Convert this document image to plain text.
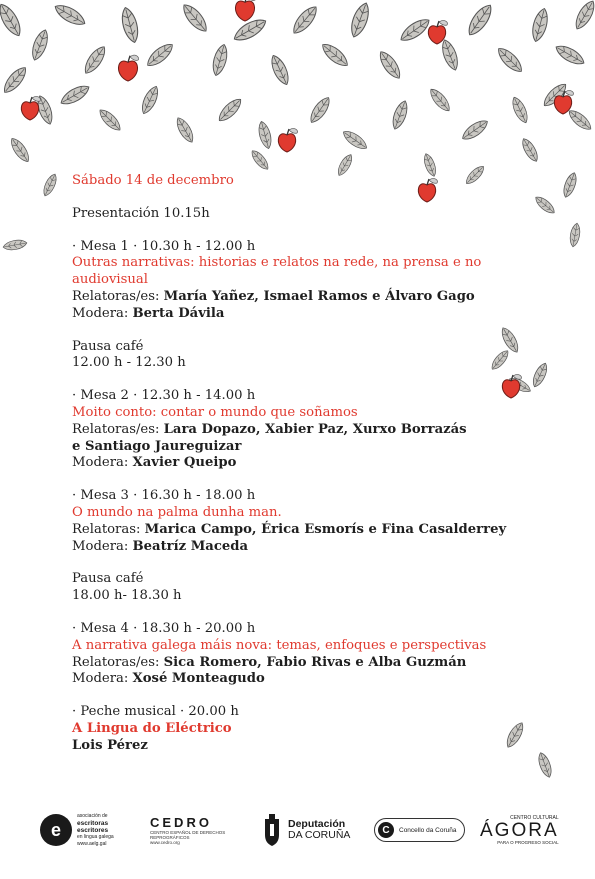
Sábado 14 de decembro
Presentación 10.15h
· Mesa 1 · 10.30 h - 12.00 h
Outras narrativas: historias e relatos na rede, na prensa e no audiovisual
Relatoras/es: María Yañez, Ismael Ramos e Álvaro Gago
Modera: Berta Dávila
Pausa café
12.00 h - 12.30 h
· Mesa 2 · 12.30 h - 14.00 h
Moito conto: contar o mundo que soñamos
Relatoras/es: Lara Dopazo, Xabier Paz, Xurxo Borrazás
e Santiago Jaureguizar
Modera: Xavier Queipo
· Mesa 3 · 16.30 h - 18.00 h
O mundo na palma dunha man.
Relatoras: Marica Campo, Érica Esmorís e Fina Casalderrey
Modera: Beatríz Maceda
Pausa café
18.00 h- 18.30 h
· Mesa 4 · 18.30 h - 20.00 h
A narrativa galega máis nova: temas, enfoques e perspectivas
Relatoras/es: Sica Romero, Fabio Rivas e Alba Guzmán
Modera: Xosé Monteagudo
· Peche musical · 20.00 h
A Lingua do Eléctrico
Lois Pérez
e
asociación de
escritoras
escritores
en lingua galega
www.aelg.gal
CEDRO
CENTRO ESPAÑOL DE DERECHOS
REPROGRÁFICOS
www.cedro.org
Deputación
DA CORUÑA	C	Concello da Coruña
CENTRO CULTURAL
ÁGORA
PARA O PROGRESO SOCIAL
